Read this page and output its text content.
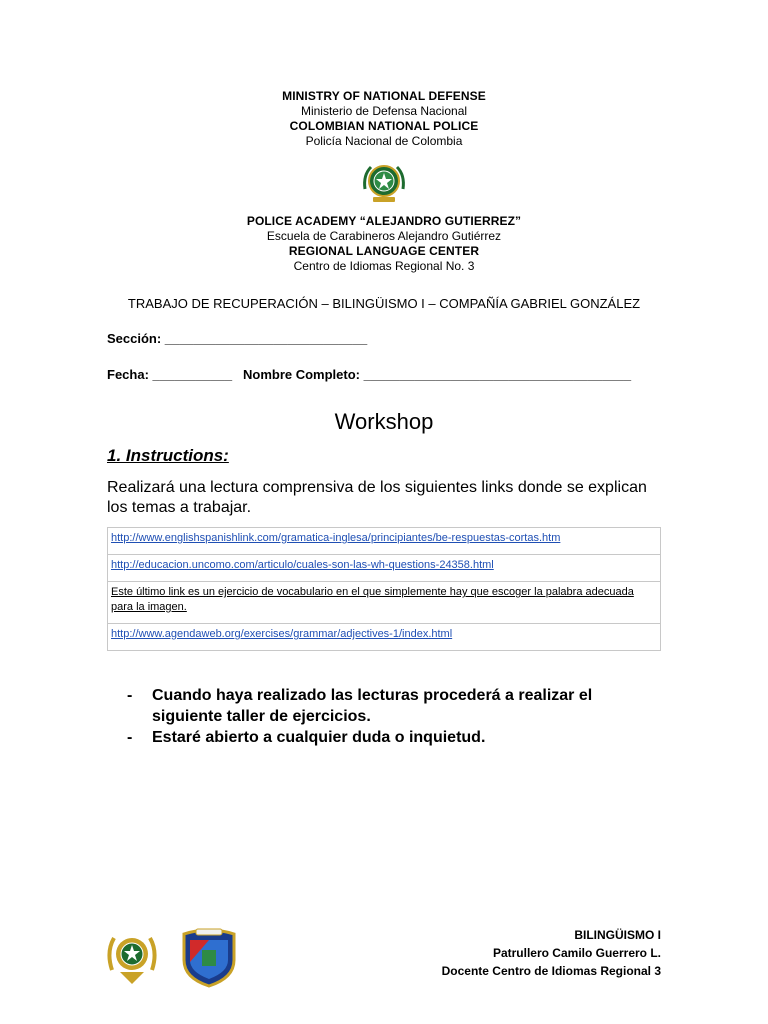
MINISTRY OF NATIONAL DEFENSE
Ministerio de Defensa Nacional
COLOMBIAN NATIONAL POLICE
Policía Nacional de Colombia
POLICE ACADEMY “ALEJANDRO GUTIERREZ”
Escuela de Carabineros Alejandro Gutiérrez
REGIONAL LANGUAGE CENTER
Centro de Idiomas Regional No. 3
TRABAJO DE RECUPERACIÓN – BILINGÜISMO I – COMPAÑÍA GABRIEL GONZÁLEZ
Sección: ____________________________
Fecha: ___________ Nombre Completo: _____________________________________
Workshop
1. Instructions:
Realizará una lectura comprensiva de los siguientes links donde se explican los temas a trabajar.
http://www.englishspanishlink.com/gramatica-inglesa/principiantes/be-respuestas-cortas.htm
http://educacion.uncomo.com/articulo/cuales-son-las-wh-questions-24358.html
Este último link es un ejercicio de vocabulario en el que simplemente hay que escoger la palabra adecuada para la imagen.
http://www.agendaweb.org/exercises/grammar/adjectives-1/index.html
- Cuando haya realizado las lecturas procederá a realizar el siguiente taller de ejercicios.
- Estaré abierto a cualquier duda o inquietud.
BILINGÜISMO I
Patrullero Camilo Guerrero L.
Docente Centro de Idiomas Regional 3
